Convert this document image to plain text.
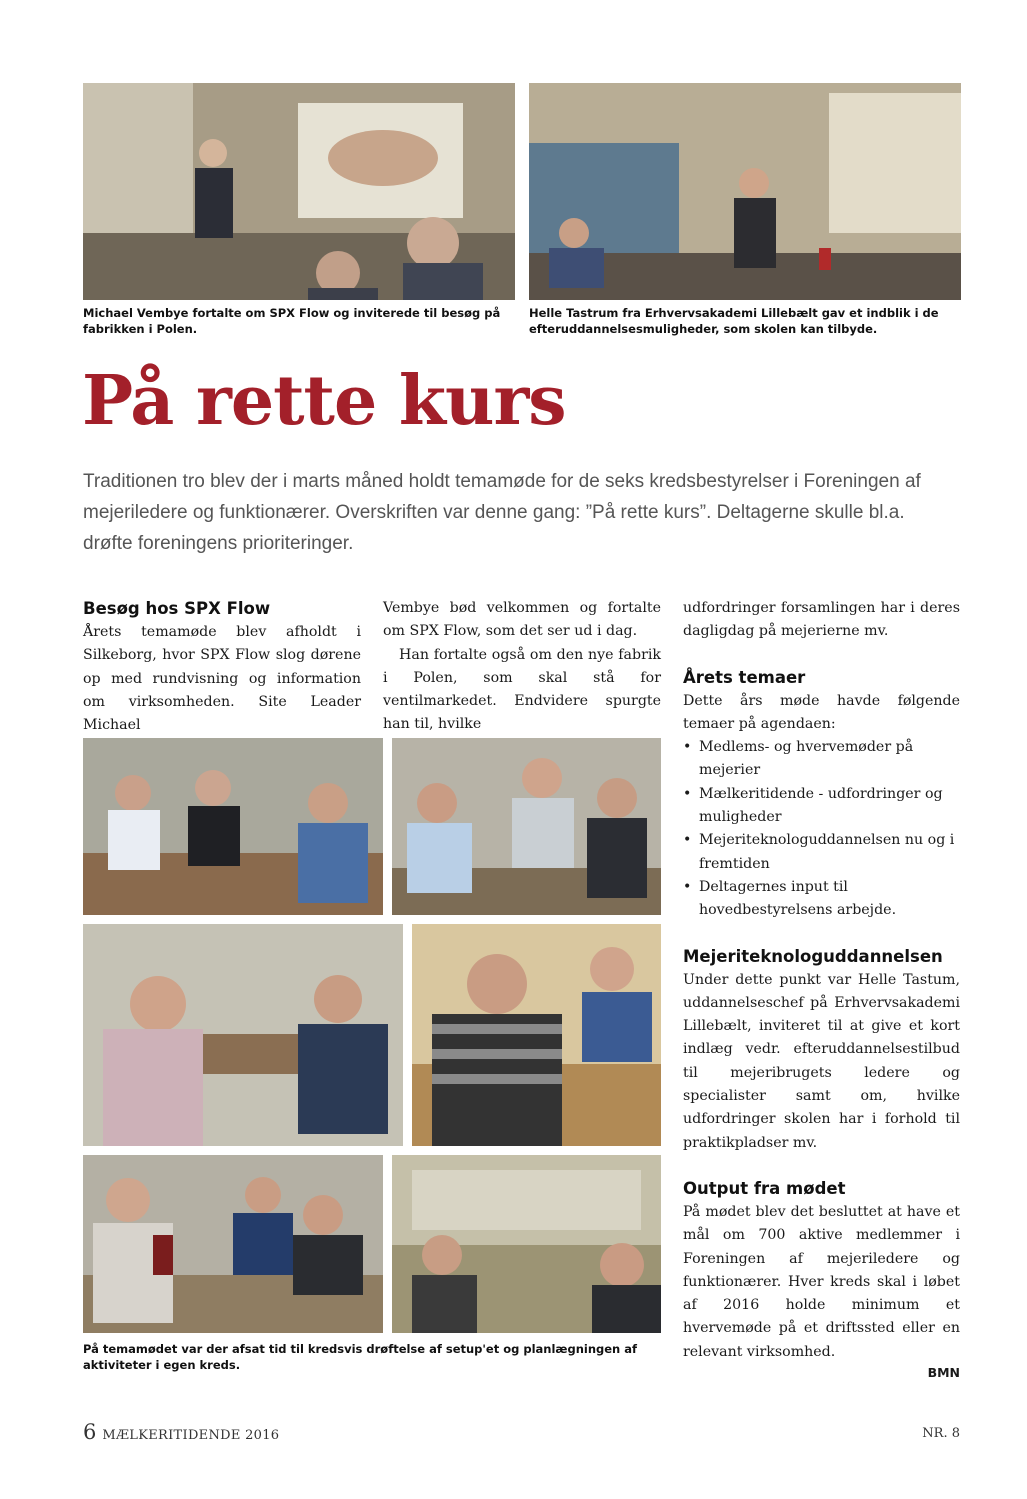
Michael Vembye fortalte om SPX Flow og inviterede til besøg på fabrikken i Polen.
Helle Tastrum fra Erhvervsakademi Lillebælt gav et indblik i de efteruddannelsesmuligheder, som skolen kan tilbyde.
På rette kurs

Traditionen tro blev der i marts måned holdt temamøde for de seks kredsbestyrelser i Foreningen af mejeriledere og funktionærer. Overskriften var denne gang: ”På rette kurs”. Deltagerne skulle bl.a. drøfte foreningens prioriteringer.

Besøg hos SPX Flow

Årets temamøde blev afholdt i Silkeborg, hvor SPX Flow slog dørene op med rundvisning og information om virksomheden. Site Leader Michael

Vembye bød velkommen og fortalte om SPX Flow, som det ser ud i dag.

Han fortalte også om den nye fabrik i Polen, som skal stå for ventilmarkedet. Endvidere spurgte han til, hvilke

udfordringer forsamlingen har i deres dagligdag på mejerierne mv.

Årets temaer

Dette års møde havde følgende temaer på agendaen:

• Medlems- og hvervemøder på mejerier
• Mælkeritidende - udfordringer og muligheder
• Mejeriteknologuddannelsen nu og i fremtiden
• Deltagernes input til hovedbestyrelsens arbejde.
Mejeriteknologuddannelsen

Under dette punkt var Helle Tastum, uddannelseschef på Erhvervsakademi Lillebælt, inviteret til at give et kort indlæg vedr. efteruddannelsestilbud til mejeribrugets ledere og specialister samt om, hvilke udfordringer skolen har i forhold til praktikpladser mv.

Output fra mødet

På mødet blev det besluttet at have et mål om 700 aktive medlemmer i Foreningen af mejeriledere og funktionærer. Hver kreds skal i løbet af 2016 holde minimum et hvervemøde på et driftssted eller en relevant virksomhed.

BMN
På temamødet var der afsat tid til kredsvis drøftelse af setup'et og planlægningen af aktiviteter i egen kreds.
6 MÆLKERITIDENDE 2016	NR. 8
